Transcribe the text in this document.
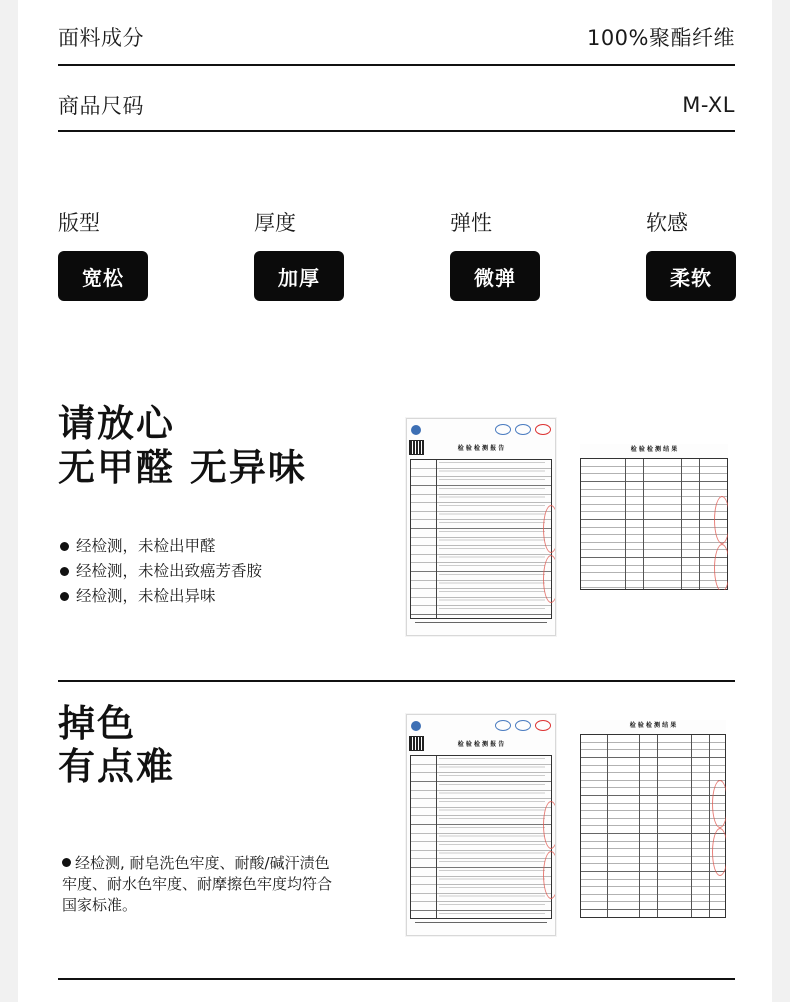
面料成分	100%聚酯纤维
商品尺码	M-XL
版型	厚度	弹性	软感
宽松	加厚	微弹	柔软
请放心
无甲醛 无异味
经检测，未检出甲醛
经检测，未检出致癌芳香胺
经检测，未检出异味
检 验 检 测 报 告	检 验 检 测 结 果
掉色
有点难
经检测, 耐皂洗色牢度、耐酸/碱汗渍色牢度、耐水色牢度、耐摩擦色牢度均符合国家标准。
检 验 检 测 报 告
检 验 检 测 结 果
